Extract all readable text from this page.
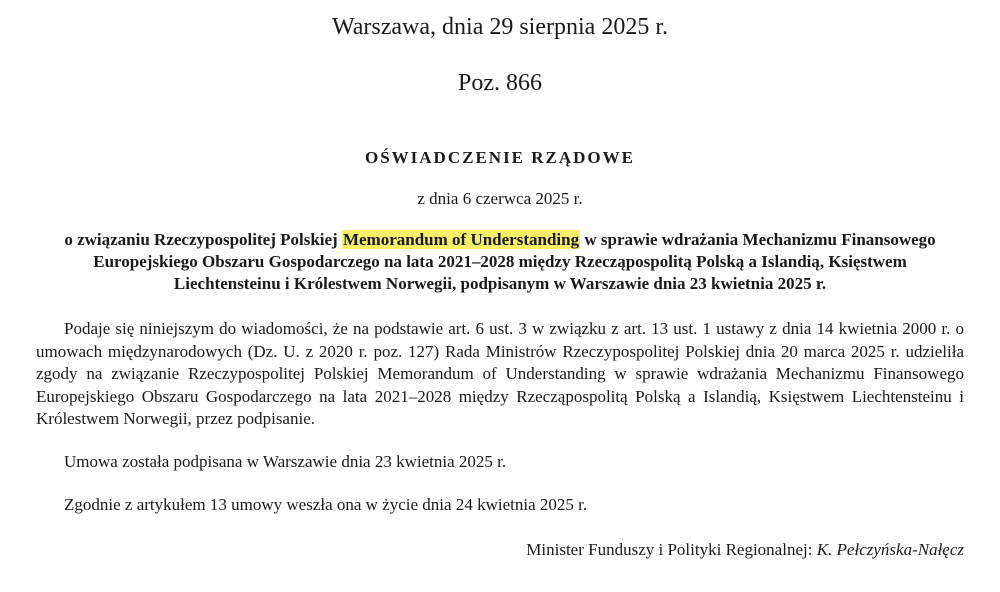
Warszawa, dnia 29 sierpnia 2025 r.
Poz. 866
OŚWIADCZENIE RZĄDOWE
z dnia 6 czerwca 2025 r.
o związaniu Rzeczypospolitej Polskiej Memorandum of Understanding w sprawie wdrażania Mechanizmu Finansowego Europejskiego Obszaru Gospodarczego na lata 2021–2028 między Rzecząpospolitą Polską a Islandią, Księstwem Liechtensteinu i Królestwem Norwegii, podpisanym w Warszawie dnia 23 kwietnia 2025 r.

Podaje się niniejszym do wiadomości, że na podstawie art. 6 ust. 3 w związku z art. 13 ust. 1 ustawy z dnia 14 kwietnia 2000 r. o umowach międzynarodowych (Dz. U. z 2020 r. poz. 127) Rada Ministrów Rzeczypospolitej Polskiej dnia 20 marca 2025 r. udzieliła zgody na związanie Rzeczypospolitej Polskiej Memorandum of Understanding w sprawie wdrażania Mechanizmu Finansowego Europejskiego Obszaru Gospodarczego na lata 2021–2028 między Rzecząpospolitą Polską a Islandią, Księstwem Liechtensteinu i Królestwem Norwegii, przez podpisanie.

Umowa została podpisana w Warszawie dnia 23 kwietnia 2025 r.

Zgodnie z artykułem 13 umowy weszła ona w życie dnia 24 kwietnia 2025 r.

Minister Funduszy i Polityki Regionalnej: K. Pełczyńska-Nałęcz
